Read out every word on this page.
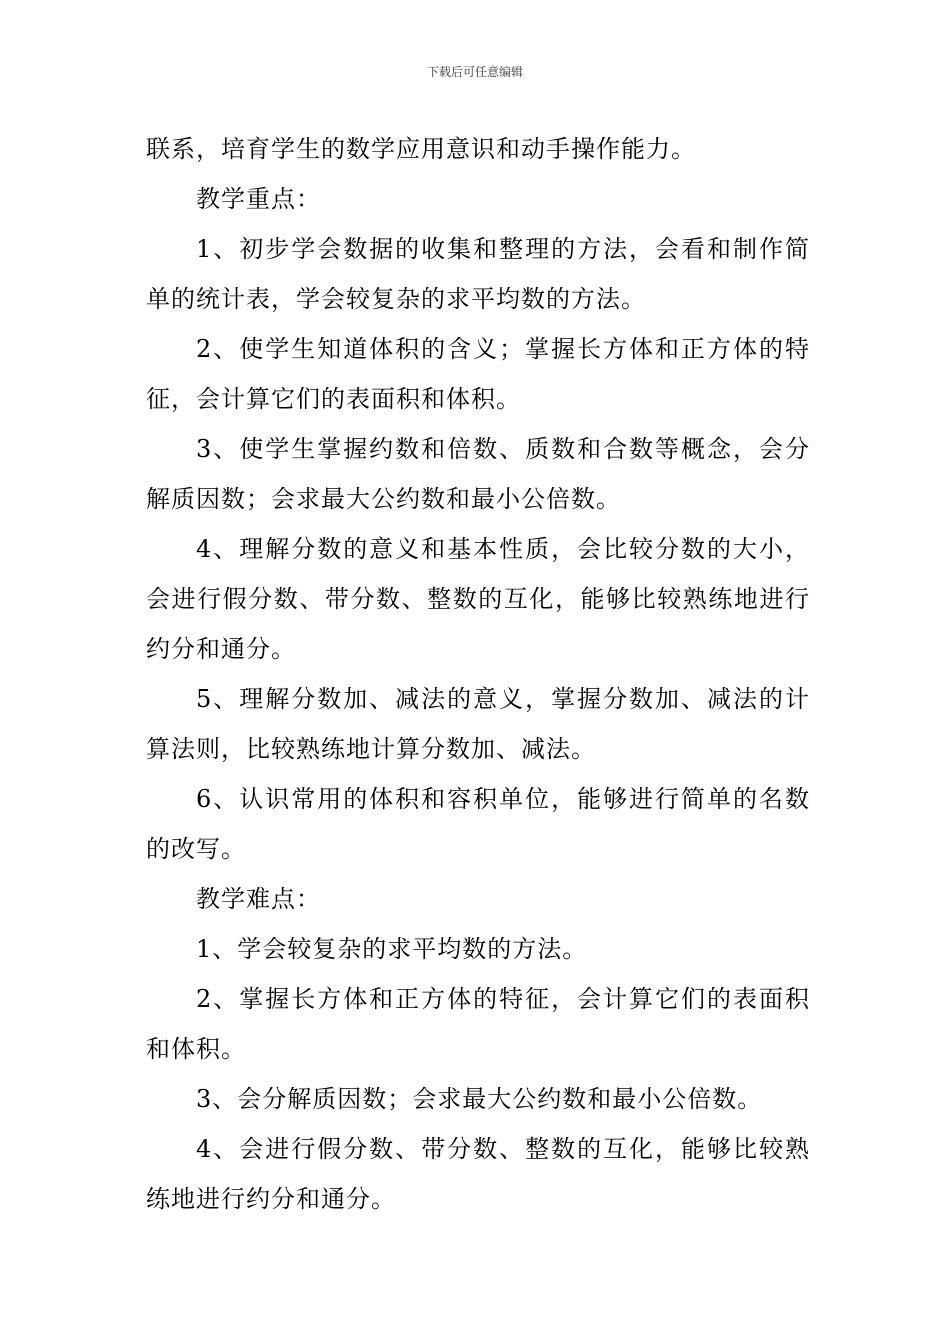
下载后可任意编辑

联系，培育学生的数学应用意识和动手操作能力。

教学重点：

1、初步学会数据的收集和整理的方法，会看和制作简单的统计表，学会较复杂的求平均数的方法。

2、使学生知道体积的含义；掌握长方体和正方体的特征，会计算它们的表面积和体积。

3、使学生掌握约数和倍数、质数和合数等概念，会分解质因数；会求最大公约数和最小公倍数。

4、理解分数的意义和基本性质，会比较分数的大小，会进行假分数、带分数、整数的互化，能够比较熟练地进行约分和通分。

5、理解分数加、减法的意义，掌握分数加、减法的计算法则，比较熟练地计算分数加、减法。

6、认识常用的体积和容积单位，能够进行简单的名数的改写。

教学难点：

1、学会较复杂的求平均数的方法。

2、掌握长方体和正方体的特征，会计算它们的表面积和体积。

3、会分解质因数；会求最大公约数和最小公倍数。

4、会进行假分数、带分数、整数的互化，能够比较熟练地进行约分和通分。
